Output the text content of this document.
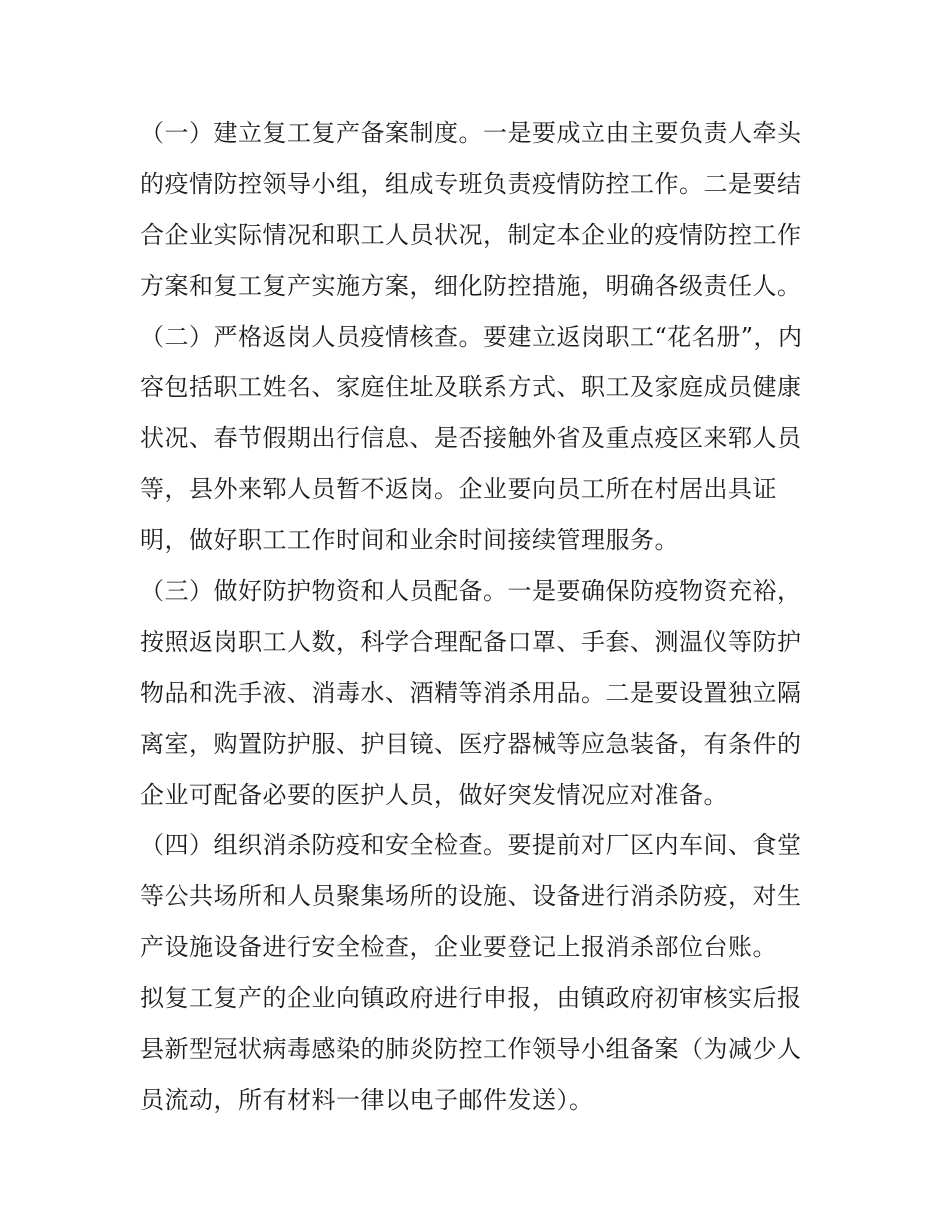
（一）建立复工复产备案制度。一是要成立由主要负责人牵头
的疫情防控领导小组，组成专班负责疫情防控工作。二是要结
合企业实际情况和职工人员状况，制定本企业的疫情防控工作
方案和复工复产实施方案，细化防控措施，明确各级责任人。
（二）严格返岗人员疫情核查。要建立返岗职工“花名册”，内
容包括职工姓名、家庭住址及联系方式、职工及家庭成员健康
状况、春节假期出行信息、是否接触外省及重点疫区来郓人员
等，县外来郓人员暂不返岗。企业要向员工所在村居出具证
明，做好职工工作时间和业余时间接续管理服务。
（三）做好防护物资和人员配备。一是要确保防疫物资充裕，
按照返岗职工人数，科学合理配备口罩、手套、测温仪等防护
物品和洗手液、消毒水、酒精等消杀用品。二是要设置独立隔
离室，购置防护服、护目镜、医疗器械等应急装备，有条件的
企业可配备必要的医护人员，做好突发情况应对准备。
（四）组织消杀防疫和安全检查。要提前对厂区内车间、食堂
等公共场所和人员聚集场所的设施、设备进行消杀防疫，对生
产设施设备进行安全检查，企业要登记上报消杀部位台账。
拟复工复产的企业向镇政府进行申报，由镇政府初审核实后报
县新型冠状病毒感染的肺炎防控工作领导小组备案（为减少人
员流动，所有材料一律以电子邮件发送）。
